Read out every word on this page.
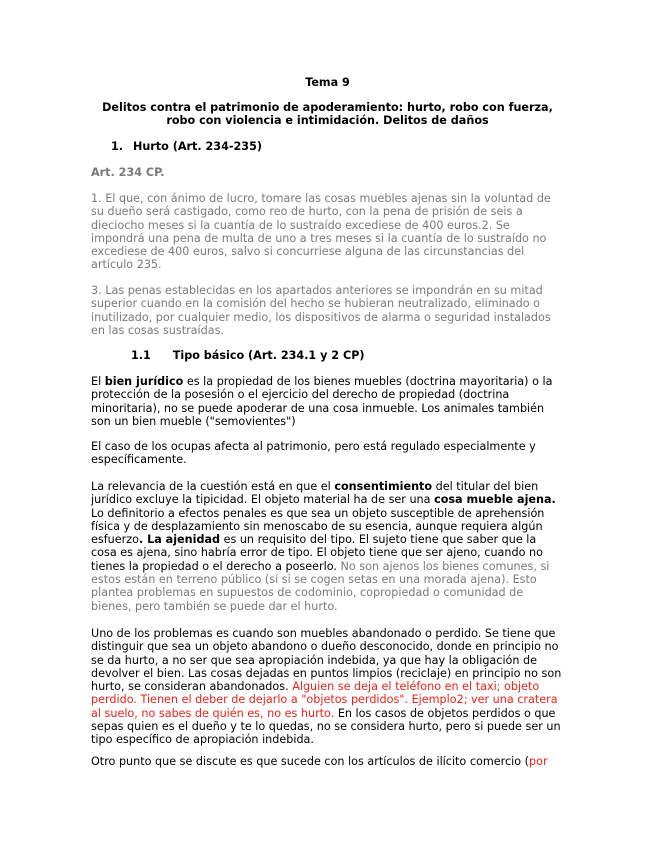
Tema 9

Delitos contra el patrimonio de apoderamiento: hurto, robo con fuerza,
robo con violencia e intimidación. Delitos de daños

1. Hurto (Art. 234-235)

Art. 234 CP.

1. El que, con ánimo de lucro, tomare las cosas muebles ajenas sin la voluntad de su dueño será castigado, como reo de hurto, con la pena de prisión de seis a dieciocho meses si la cuantía de lo sustraído excediese de 400 euros.2. Se impondrá una pena de multa de uno a tres meses si la cuantía de lo sustraído no excediese de 400 euros, salvo si concurriese alguna de las circunstancias del artículo 235.

3. Las penas establecidas en los apartados anteriores se impondrán en su mitad superior cuando en la comisión del hecho se hubieran neutralizado, eliminado o inutilizado, por cualquier medio, los dispositivos de alarma o seguridad instalados en las cosas sustraídas.

1.1 Tipo básico (Art. 234.1 y 2 CP)

El bien jurídico es la propiedad de los bienes muebles (doctrina mayoritaria) o la protección de la posesión o el ejercicio del derecho de propiedad (doctrina minoritaria), no se puede apoderar de una cosa inmueble. Los animales también son un bien mueble ("semovientes")

El caso de los ocupas afecta al patrimonio, pero está regulado especialmente y específicamente.

La relevancia de la cuestión está en que el consentimiento del titular del bien jurídico excluye la tipicidad. El objeto material ha de ser una cosa mueble ajena. Lo definitorio a efectos penales es que sea un objeto susceptible de aprehensión física y de desplazamiento sin menoscabo de su esencia, aunque requiera algún esfuerzo. La ajenidad es un requisito del tipo. El sujeto tiene que saber que la cosa es ajena, sino habría error de tipo. El objeto tiene que ser ajeno, cuando no tienes la propiedad o el derecho a poseerlo. No son ajenos los bienes comunes, si estos están en terreno público (sí si se cogen setas en una morada ajena). Esto plantea problemas en supuestos de codominio, copropiedad o comunidad de bienes, pero también se puede dar el hurto.

Uno de los problemas es cuando son muebles abandonado o perdido. Se tiene que distinguir que sea un objeto abandono o dueño desconocido, donde en principio no se da hurto, a no ser que sea apropiación indebida, ya que hay la obligación de devolver el bien. Las cosas dejadas en puntos limpios (reciclaje) en principio no son hurto, se consideran abandonados. Alguien se deja el teléfono en el taxi; objeto perdido. Tienen el deber de dejarlo a "objetos perdidos". Ejemplo2; ver una cratera al suelo, no sabes de quién es, no es hurto. En los casos de objetos perdidos o que sepas quien es el dueño y te lo quedas, no se considera hurto, pero si puede ser un tipo específico de apropiación indebida.

Otro punto que se discute es que sucede con los artículos de ilícito comercio (por
